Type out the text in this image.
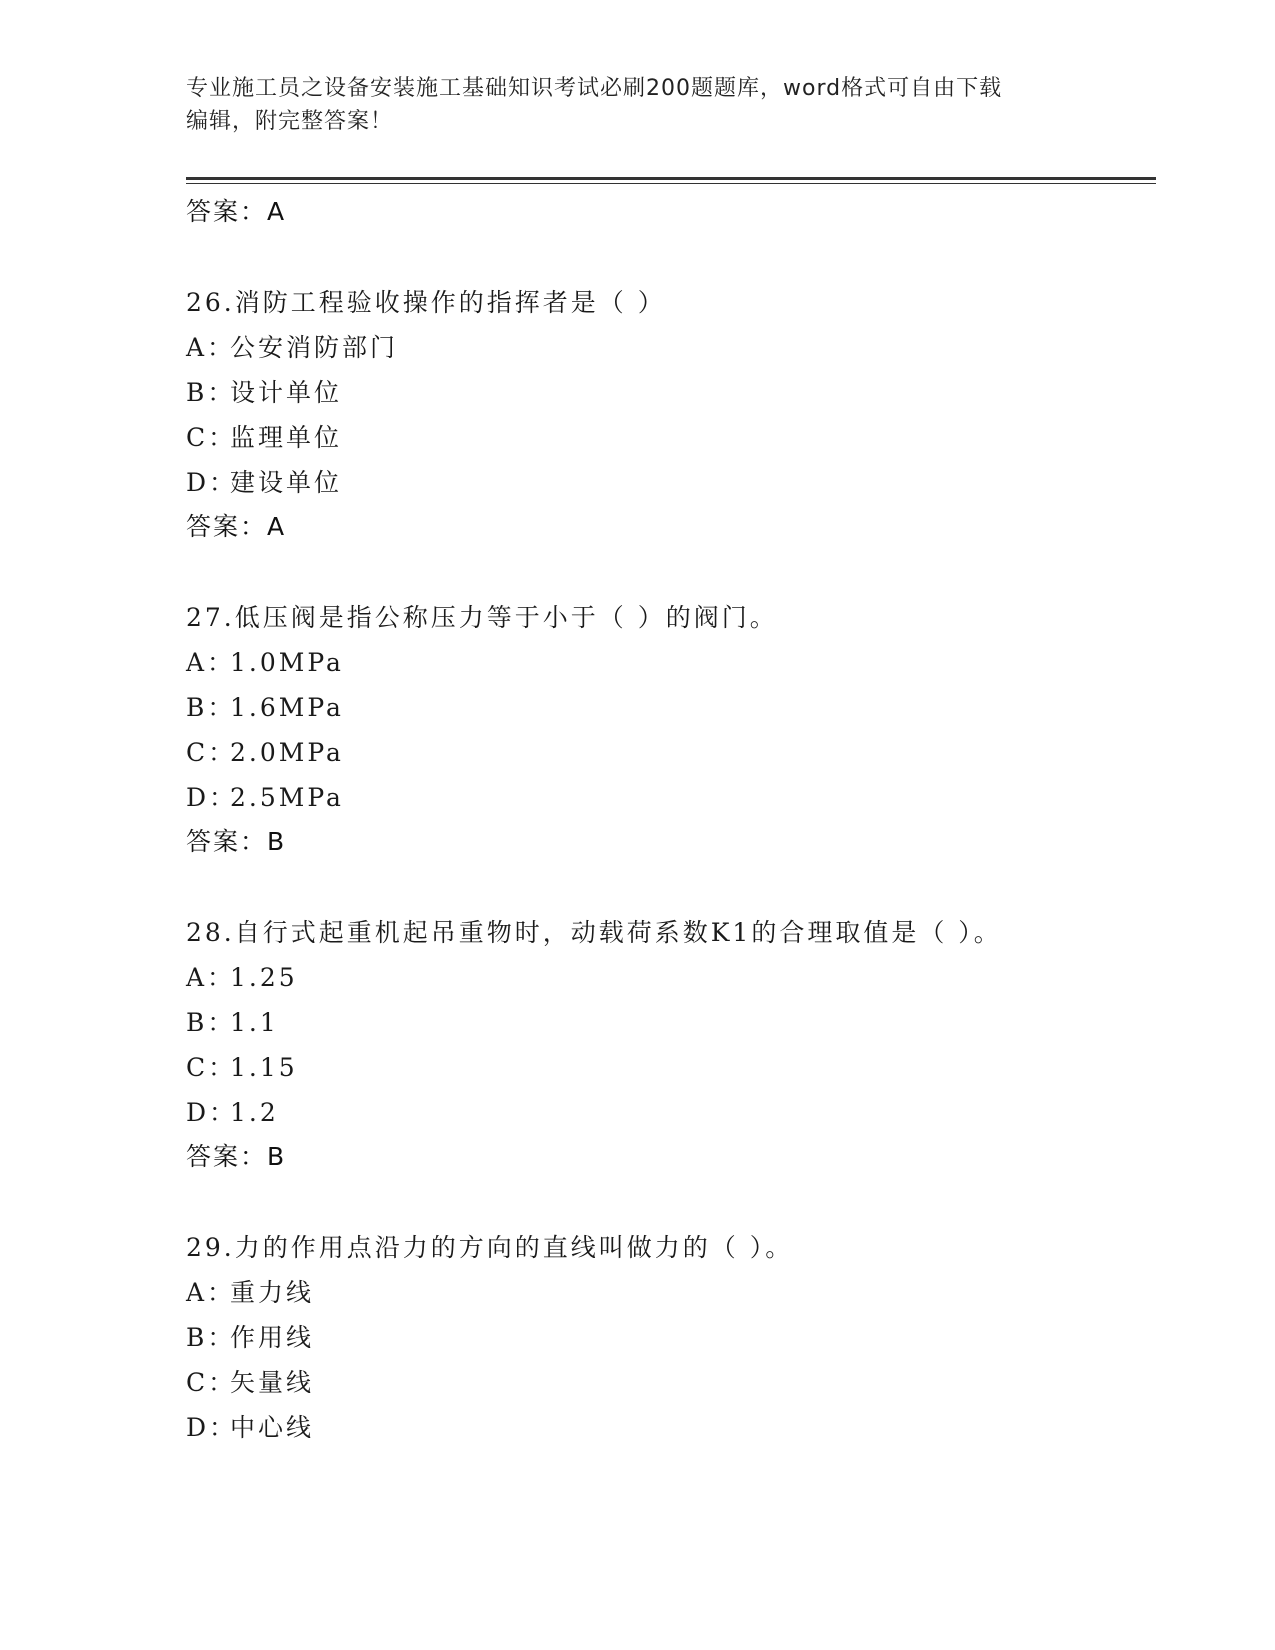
专业施工员之设备安装施工基础知识考试必刷200题题库，word格式可自由下载
编辑，附完整答案！
答案：A
26.消防工程验收操作的指挥者是（ ）
A：公安消防部门
B：设计单位
C：监理单位
D：建设单位
答案：A
27.低压阀是指公称压力等于小于（ ）的阀门。
A：1.0MPa
B：1.6MPa
C：2.0MPa
D：2.5MPa
答案：B
28.自行式起重机起吊重物时，动载荷系数K1的合理取值是（ ）。
A：1.25
B：1.1
C：1.15
D：1.2
答案：B
29.力的作用点沿力的方向的直线叫做力的（ ）。
A：重力线
B：作用线
C：矢量线
D：中心线
